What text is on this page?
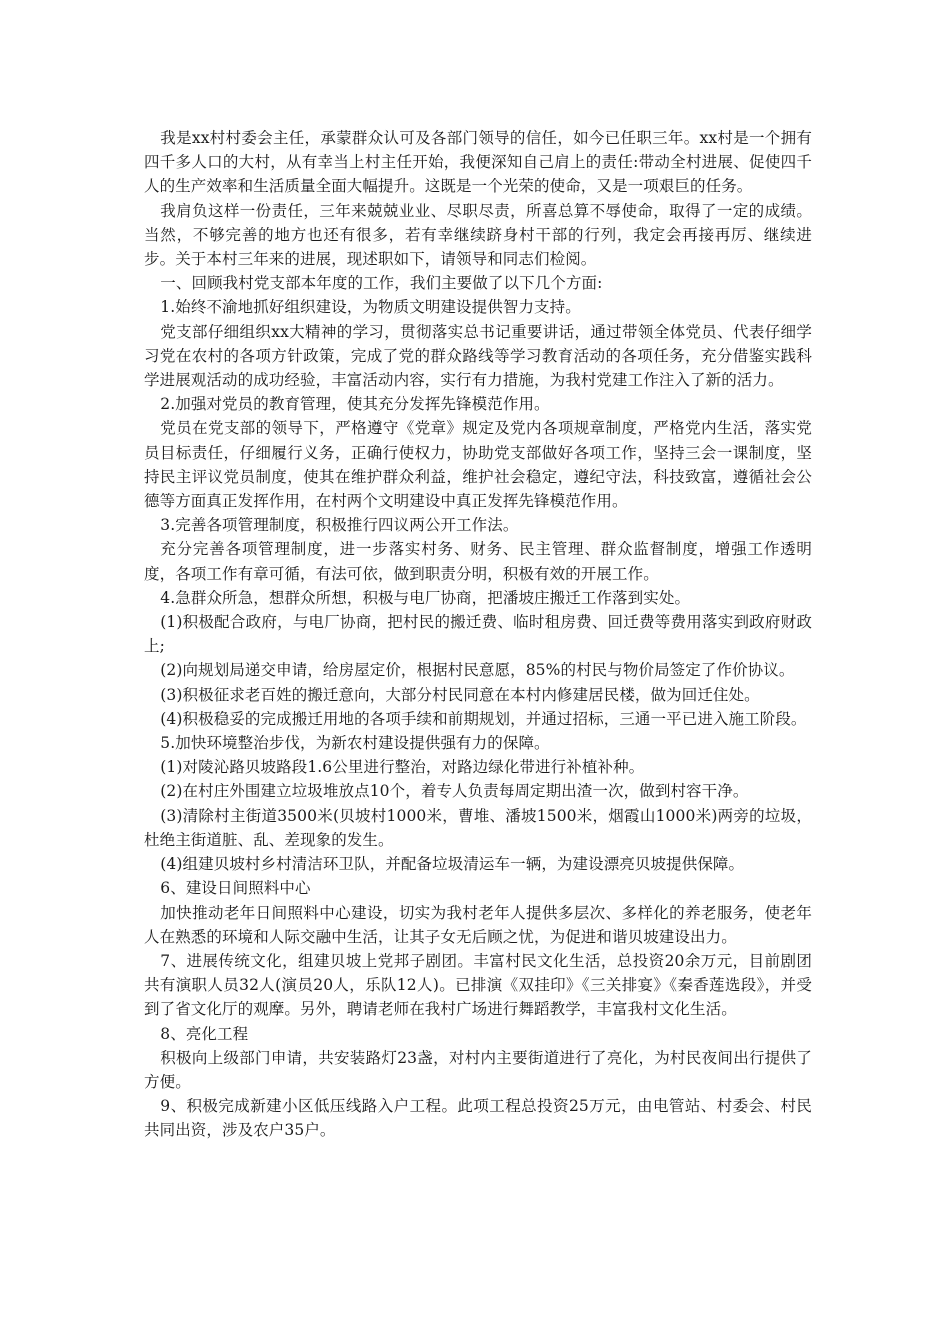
我是xx村村委会主任，承蒙群众认可及各部门领导的信任，如今已任职三年。xx村是一个拥有四千多人口的大村，从有幸当上村主任开始，我便深知自己肩上的责任:带动全村进展、促使四千人的生产效率和生活质量全面大幅提升。这既是一个光荣的使命，又是一项艰巨的任务。

我肩负这样一份责任，三年来兢兢业业、尽职尽责，所喜总算不辱使命，取得了一定的成绩。当然，不够完善的地方也还有很多，若有幸继续跻身村干部的行列，我定会再接再厉、继续进步。关于本村三年来的进展，现述职如下，请领导和同志们检阅。

一、回顾我村党支部本年度的工作，我们主要做了以下几个方面:

1.始终不渝地抓好组织建设，为物质文明建设提供智力支持。

党支部仔细组织xx大精神的学习，贯彻落实总书记重要讲话，通过带领全体党员、代表仔细学习党在农村的各项方针政策，完成了党的群众路线等学习教育活动的各项任务，充分借鉴实践科学进展观活动的成功经验，丰富活动内容，实行有力措施，为我村党建工作注入了新的活力。

2.加强对党员的教育管理，使其充分发挥先锋模范作用。

党员在党支部的领导下，严格遵守《党章》规定及党内各项规章制度，严格党内生活，落实党员目标责任，仔细履行义务，正确行使权力，协助党支部做好各项工作，坚持三会一课制度，坚持民主评议党员制度，使其在维护群众利益，维护社会稳定，遵纪守法，科技致富，遵循社会公德等方面真正发挥作用，在村两个文明建设中真正发挥先锋模范作用。

3.完善各项管理制度，积极推行四议两公开工作法。

充分完善各项管理制度，进一步落实村务、财务、民主管理、群众监督制度，增强工作透明度，各项工作有章可循，有法可依，做到职责分明，积极有效的开展工作。

4.急群众所急，想群众所想，积极与电厂协商，把潘坡庄搬迁工作落到实处。

(1)积极配合政府，与电厂协商，把村民的搬迁费、临时租房费、回迁费等费用落实到政府财政上;

(2)向规划局递交申请，给房屋定价，根据村民意愿，85%的村民与物价局签定了作价协议。

(3)积极征求老百姓的搬迁意向，大部分村民同意在本村内修建居民楼，做为回迁住处。

(4)积极稳妥的完成搬迁用地的各项手续和前期规划，并通过招标，三通一平已进入施工阶段。

5.加快环境整治步伐，为新农村建设提供强有力的保障。

(1)对陵沁路贝坡路段1.6公里进行整治，对路边绿化带进行补植补种。

(2)在村庄外围建立垃圾堆放点10个，着专人负责每周定期出渣一次，做到村容干净。

(3)清除村主街道3500米(贝坡村1000米，曹堆、潘坡1500米，烟霞山1000米)两旁的垃圾，杜绝主街道脏、乱、差现象的发生。

(4)组建贝坡村乡村清洁环卫队，并配备垃圾清运车一辆，为建设漂亮贝坡提供保障。

6、建设日间照料中心

加快推动老年日间照料中心建设，切实为我村老年人提供多层次、多样化的养老服务，使老年人在熟悉的环境和人际交融中生活，让其子女无后顾之忧，为促进和谐贝坡建设出力。

7、进展传统文化，组建贝坡上党邦子剧团。丰富村民文化生活，总投资20余万元，目前剧团共有演职人员32人(演员20人，乐队12人)。已排演《双挂印》《三关排宴》《秦香莲选段》，并受到了省文化厅的观摩。另外，聘请老师在我村广场进行舞蹈教学，丰富我村文化生活。

8、亮化工程

积极向上级部门申请，共安装路灯23盏，对村内主要街道进行了亮化，为村民夜间出行提供了方便。

9、积极完成新建小区低压线路入户工程。此项工程总投资25万元，由电管站、村委会、村民共同出资，涉及农户35户。
